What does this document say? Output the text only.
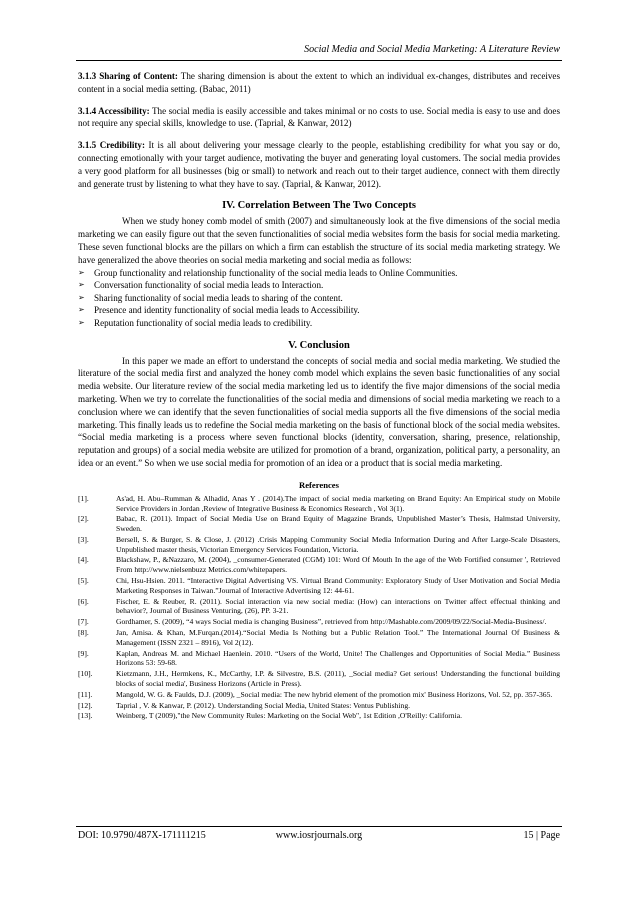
Social Media and Social Media Marketing: A Literature Review

3.1.3 Sharing of Content: The sharing dimension is about the extent to which an individual ex-changes, distributes and receives content in a social media setting. (Babac, 2011)

3.1.4 Accessibility: The social media is easily accessible and takes minimal or no costs to use. Social media is easy to use and does not require any special skills, knowledge to use. (Taprial, & Kanwar, 2012)

3.1.5 Credibility: It is all about delivering your message clearly to the people, establishing credibility for what you say or do, connecting emotionally with your target audience, motivating the buyer and generating loyal customers. The social media provides a very good platform for all businesses (big or small) to network and reach out to their target audience, connect with them directly and generate trust by listening to what they have to say. (Taprial, & Kanwar, 2012).

IV. Correlation Between The Two Concepts

When we study honey comb model of smith (2007) and simultaneously look at the five dimensions of the social media marketing we can easily figure out that the seven functionalities of social media websites form the basis for social media marketing. These seven functional blocks are the pillars on which a firm can establish the structure of its social media marketing strategy. We have generalized the above theories on social media marketing and social media as follows:

➢	Group functionality and relationship functionality of the social media leads to Online Communities.
➢	Conversation functionality of social media leads to Interaction.
➢	Sharing functionality of social media leads to sharing of the content.
➢	Presence and identity functionality of social media leads to Accessibility.
➢	Reputation functionality of social media leads to credibility.
V. Conclusion

In this paper we made an effort to understand the concepts of social media and social media marketing. We studied the literature of the social media first and analyzed the honey comb model which explains the seven basic functionalities of any social media website. Our literature review of the social media marketing led us to identify the five major dimensions of the social media marketing. When we try to correlate the functionalities of the social media and dimensions of social media marketing we reach to a conclusion where we can identify that the seven functionalities of social media supports all the five dimensions of the social media marketing. This finally leads us to redefine the Social media marketing on the basis of functional block of the social media websites. “Social media marketing is a process where seven functional blocks (identity, conversation, sharing, presence, relationship, reputation and groups) of a social media website are utilized for promotion of a brand, organization, political party, a personality, an idea or an event.” So when we use social media for promotion of an idea or a product that is social media marketing.

References
[1].	As'ad, H. Abu–Rumman & Alhadid, Anas Y . (2014).The impact of social media marketing on Brand Equity: An Empirical study on Mobile Service Providers in Jordan ,Review of Integrative Business & Economics Research , Vol 3(1).
[2].	Babac, R. (2011). Impact of Social Media Use on Brand Equity of Magazine Brands, Unpublished Master’s Thesis, Halmstad University, Sweden.
[3].	Bersell, S. & Burger, S. & Close, J. (2012) .Crisis Mapping Community Social Media Information During and After Large-Scale Disasters, Unpublished master thesis, Victorian Emergency Services Foundation, Victoria.
[4].	Blackshaw, P., &Nazzaro, M. (2004), _consumer-Generated (CGM) 101: Word Of Mouth In the age of the Web Fortified consumer ', Retrieved From http://www.nielsenbuzz Metrics.com/whitepapers.
[5].	Chi, Hsu-Hsien. 2011. “Interactive Digital Advertising VS. Virtual Brand Community: Exploratory Study of User Motivation and Social Media Marketing Responses in Taiwan.”Journal of Interactive Advertising 12: 44-61.
[6].	Fischer, E. & Reuber, R. (2011). Social interaction via new social media: (How) can interactions on Twitter affect effectual thinking and behavior?, Journal of Business Venturing, (26), PP. 3-21.
[7].	Gordhamer, S. (2009), “4 ways Social media is changing Business”, retrieved from http://Mashable.com/2009/09/22/Social-Media-Business/.
[8].	Jan, Amisa. & Khan, M.Furqan.(2014).“Social Media Is Nothing but a Public Relation Tool.” The International Journal Of Business & Management (ISSN 2321 – 8916), Vol 2(12).
[9].	Kaplan, Andreas M. and Michael Haenlein. 2010. “Users of the World, Unite! The Challenges and Opportunities of Social Media.” Business Horizons 53: 59-68.
[10].	Kietzmann, J.H., Hermkens, K., McCarthy, I.P. & Silvestre, B.S. (2011), _Social media? Get serious! Understanding the functional building blocks of social media', Business Horizons (Article in Press).
[11].	Mangold, W. G. & Faulds, D.J. (2009), _Social media: The new hybrid element of the promotion mix' Business Horizons, Vol. 52, pp. 357-365.
[12].	Taprial , V. & Kanwar, P. (2012). Understanding Social Media, United States: Ventus Publishing.
[13].	Weinberg, T (2009),"the New Community Rules: Marketing on the Social Web", 1st Edition ,O'Reilly: California.
DOI: 10.9790/487X-171111215	www.iosrjournals.org	15 | Page
